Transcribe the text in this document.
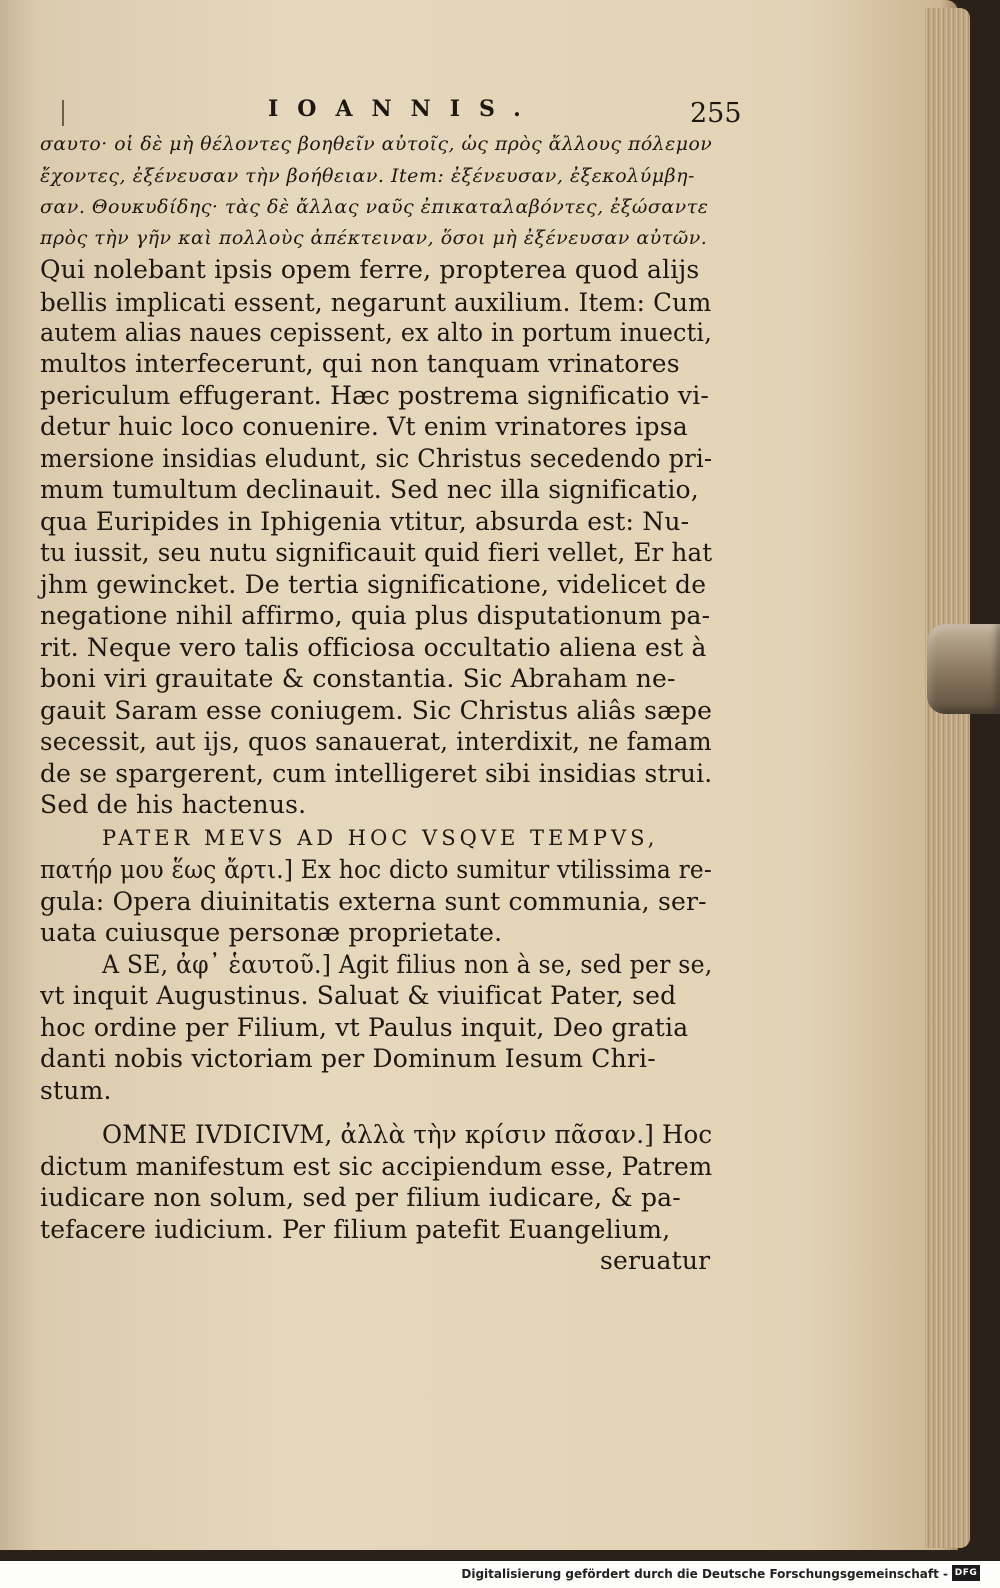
IOANNIS.	255
σαυτο· οἱ δὲ μὴ θέλοντες βοηθεῖν αὐτοῖς, ὡς πρὸς ἄλλους πόλεμον
ἔχοντες, ἐξένευσαν τὴν βοήθειαν. Item: ἐξένευσαν, ἐξεκολύμβη-
σαν. Θουκυδίδης· τὰς δὲ ἄλλας ναῦς ἐπικαταλαβόντες, ἐξώσαντε
πρὸς τὴν γῆν καὶ πολλοὺς ἀπέκτειναν, ὅσοι μὴ ἐξένευσαν αὐτῶν.
Qui nolebant ipsis opem ferre, propterea quod alijs
bellis implicati essent, negarunt auxilium. Item: Cum
autem alias naues cepissent, ex alto in portum inuecti,
multos interfecerunt, qui non tanquam vrinatores
periculum effugerant. Hæc postrema significatio vi-
detur huic loco conuenire. Vt enim vrinatores ipsa
mersione insidias eludunt, sic Christus secedendo pri-
mum tumultum declinauit. Sed nec illa significatio,
qua Euripides in Iphigenia vtitur, absurda est: Nu-
tu iussit, seu nutu significauit quid fieri vellet, Er hat
jhm gewincket. De tertia significatione, videlicet de
negatione nihil affirmo, quia plus disputationum pa-
rit. Neque vero talis officiosa occultatio aliena est à
boni viri grauitate & constantia. Sic Abraham ne-
gauit Saram esse coniugem. Sic Christus aliâs sæpe
secessit, aut ijs, quos sanauerat, interdixit, ne famam
de se spargerent, cum intelligeret sibi insidias strui.
Sed de his hactenus.
PATER MEVS AD HOC VSQVE TEMPVS,
πατήρ μου ἕως ἄρτι.] Ex hoc dicto sumitur vtilissima re-
gula: Opera diuinitatis externa sunt communia, ser-
uata cuiusque personæ proprietate.
A SE, ἀφ᾽ ἑαυτοῦ.] Agit filius non à se, sed per se,
vt inquit Augustinus. Saluat & viuificat Pater, sed
hoc ordine per Filium, vt Paulus inquit, Deo gratia
danti nobis victoriam per Dominum Iesum Chri-
stum.
OMNE IVDICIVM, ἀλλὰ τὴν κρίσιν πᾶσαν.] Hoc
dictum manifestum est sic accipiendum esse, Patrem
iudicare non solum, sed per filium iudicare, & pa-
tefacere iudicium. Per filium patefit Euangelium,
seruatur
Digitalisierung gefördert durch die Deutsche Forschungsgemeinschaft - DFG
